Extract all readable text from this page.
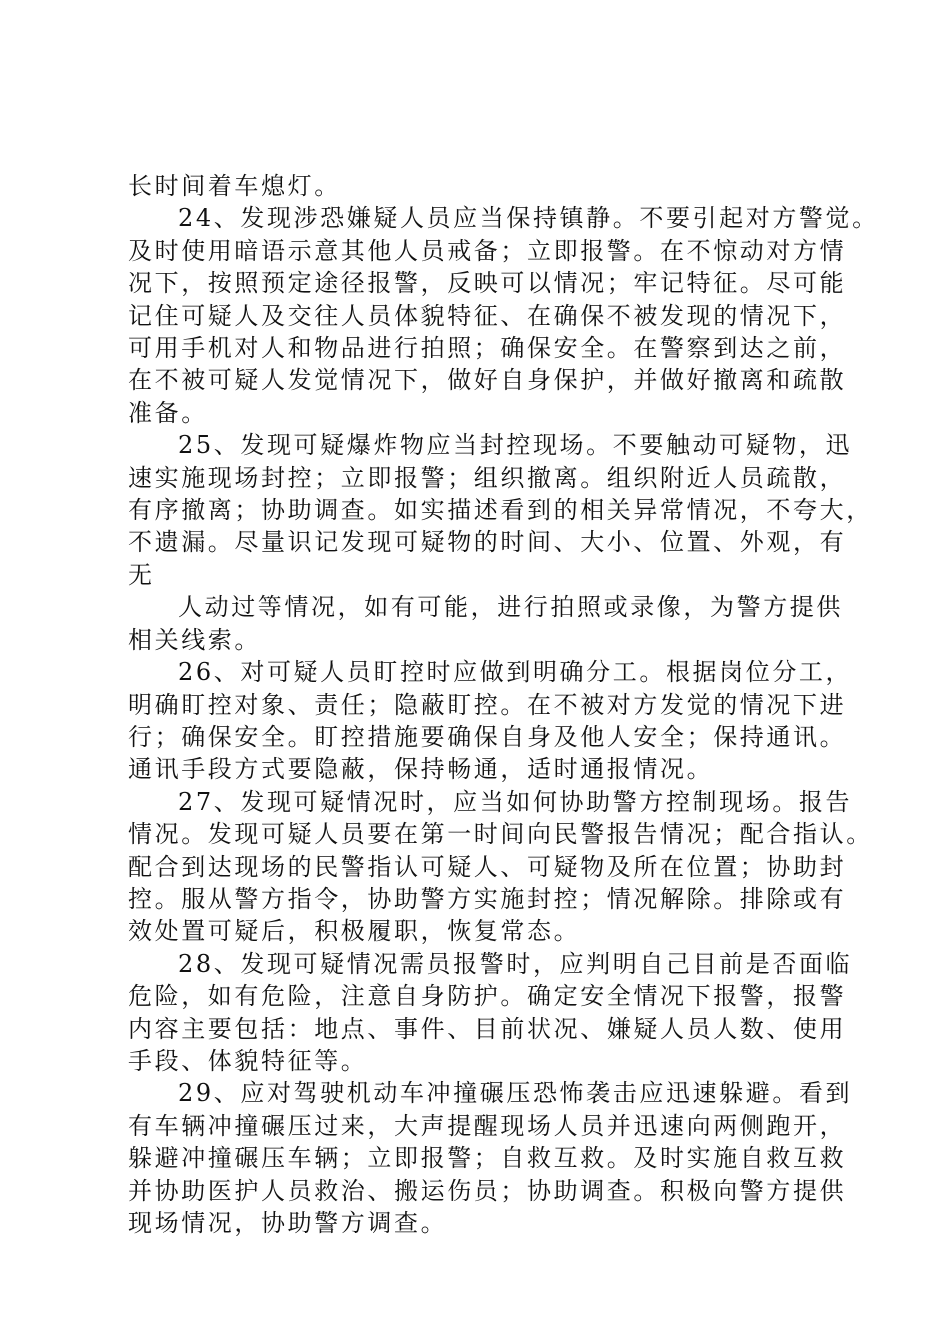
长时间着车熄灯。

24、发现涉恐嫌疑人员应当保持镇静。不要引起对方警觉。

及时使用暗语示意其他人员戒备；立即报警。在不惊动对方情

况下，按照预定途径报警，反映可以情况；牢记特征。尽可能

记住可疑人及交往人员体貌特征、在确保不被发现的情况下，

可用手机对人和物品进行拍照；确保安全。在警察到达之前，

在不被可疑人发觉情况下，做好自身保护，并做好撤离和疏散

准备。

25、发现可疑爆炸物应当封控现场。不要触动可疑物，迅

速实施现场封控；立即报警；组织撤离。组织附近人员疏散，

有序撤离；协助调查。如实描述看到的相关异常情况，不夸大，

不遗漏。尽量识记发现可疑物的时间、大小、位置、外观，有

无

人动过等情况，如有可能，进行拍照或录像，为警方提供

相关线索。

26、对可疑人员盯控时应做到明确分工。根据岗位分工，

明确盯控对象、责任；隐蔽盯控。在不被对方发觉的情况下进

行；确保安全。盯控措施要确保自身及他人安全；保持通讯。

通讯手段方式要隐蔽，保持畅通，适时通报情况。

27、发现可疑情况时，应当如何协助警方控制现场。报告

情况。发现可疑人员要在第一时间向民警报告情况；配合指认。

配合到达现场的民警指认可疑人、可疑物及所在位置；协助封

控。服从警方指令，协助警方实施封控；情况解除。排除或有

效处置可疑后，积极履职，恢复常态。

28、发现可疑情况需员报警时，应判明自己目前是否面临

危险，如有危险，注意自身防护。确定安全情况下报警，报警

内容主要包括：地点、事件、目前状况、嫌疑人员人数、使用

手段、体貌特征等。

29、应对驾驶机动车冲撞碾压恐怖袭击应迅速躲避。看到

有车辆冲撞碾压过来，大声提醒现场人员并迅速向两侧跑开，

躲避冲撞碾压车辆；立即报警；自救互救。及时实施自救互救

并协助医护人员救治、搬运伤员；协助调查。积极向警方提供

现场情况，协助警方调查。
